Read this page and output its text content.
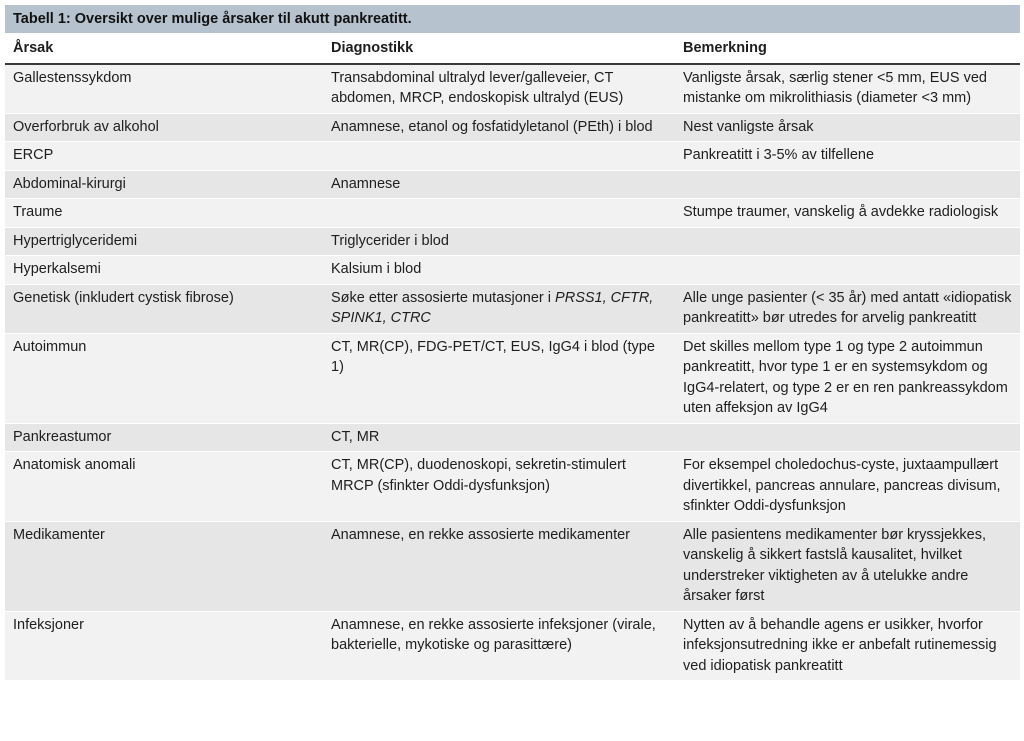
Tabell 1: Oversikt over mulige årsaker til akutt pankreatitt.
Årsak	Diagnostikk	Bemerkning
Gallestenssykdom	Transabdominal ultralyd lever/galleveier, CT abdomen, MRCP, endoskopisk ultralyd (EUS)	Vanligste årsak, særlig stener <5 mm, EUS ved mistanke om mikrolithiasis (diameter <3 mm)
Overforbruk av alkohol	Anamnese, etanol og fosfatidyletanol (PEth) i blod	Nest vanligste årsak
ERCP		Pankreatitt i 3-5% av tilfellene
Abdominal-kirurgi	Anamnese	
Traume		Stumpe traumer, vanskelig å avdekke radiologisk
Hypertriglyceridemi	Triglycerider i blod	
Hyperkalsemi	Kalsium i blod	
Genetisk (inkludert cystisk fibrose)	Søke etter assosierte mutasjoner i PRSS1, CFTR, SPINK1, CTRC	Alle unge pasienter (< 35 år) med antatt «idiopatisk pankreatitt» bør utredes for arvelig pankreatitt
Autoimmun	CT, MR(CP), FDG-PET/CT, EUS, IgG4 i blod (type 1)	Det skilles mellom type 1 og type 2 autoimmun pankreatitt, hvor type 1 er en systemsykdom og IgG4-relatert, og type 2 er en ren pankreassykdom uten affeksjon av IgG4
Pankreastumor	CT, MR	
Anatomisk anomali	CT, MR(CP), duodenoskopi, sekretin-stimulert MRCP (sfinkter Oddi-dysfunksjon)	For eksempel choledochus-cyste, juxtaampullært divertikkel, pancreas annulare, pancreas divisum, sfinkter Oddi-dysfunksjon
Medikamenter	Anamnese, en rekke assosierte medikamenter	Alle pasientens medikamenter bør kryssjekkes, vanskelig å sikkert fastslå kausalitet, hvilket understreker viktigheten av å utelukke andre årsaker først
Infeksjoner	Anamnese, en rekke assosierte infeksjoner (virale, bakterielle, mykotiske og parasittære)	Nytten av å behandle agens er usikker, hvorfor infeksjonsutredning ikke er anbefalt rutinemessig ved idiopatisk pankreatitt
